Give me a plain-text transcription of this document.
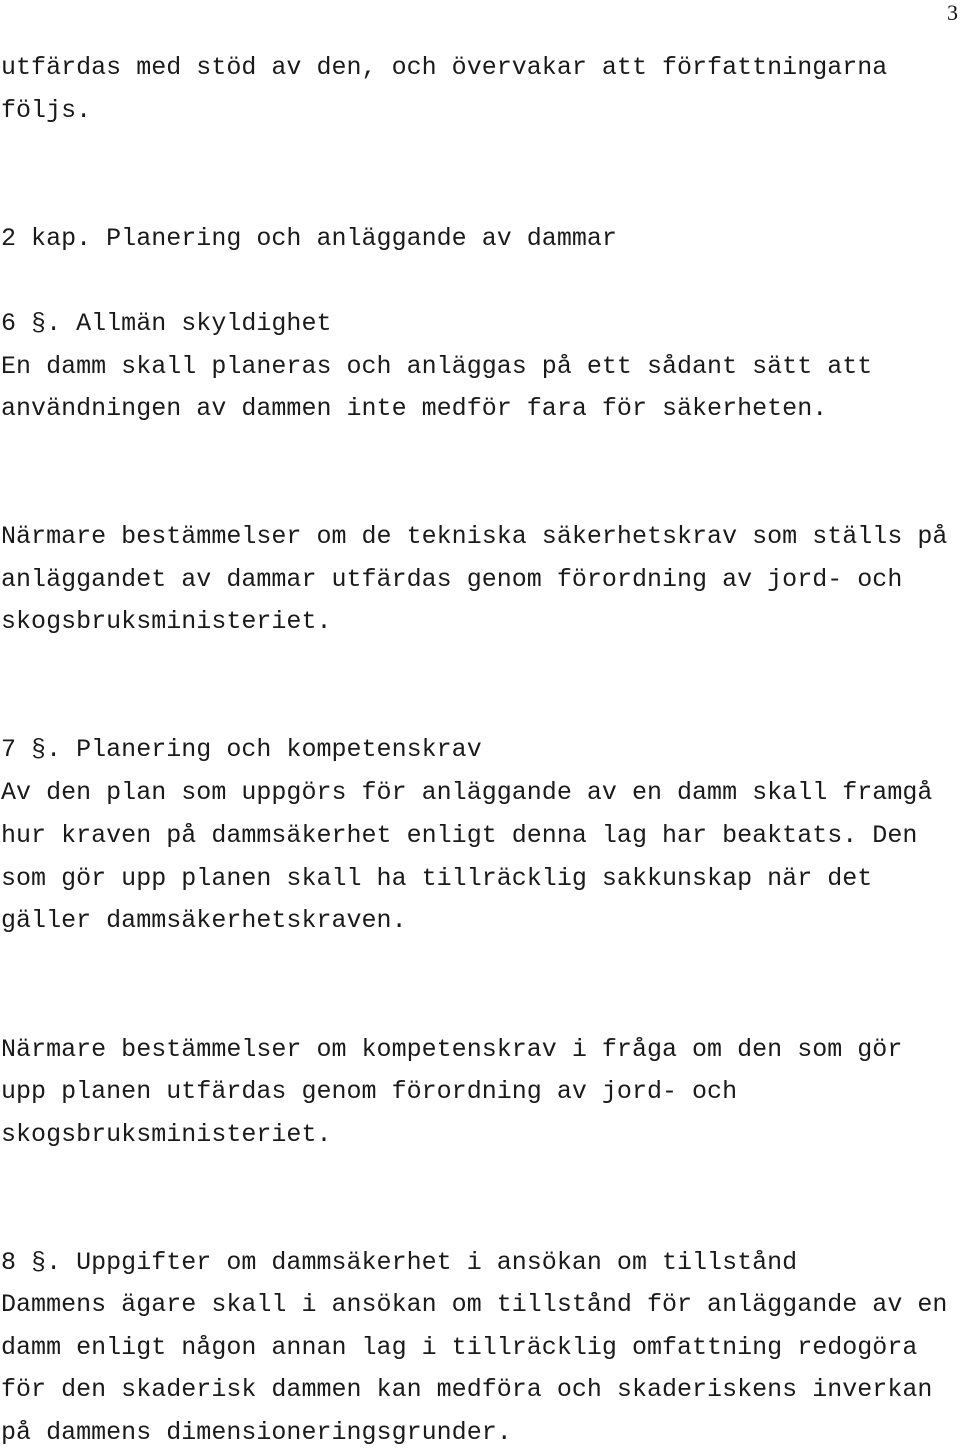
3
utfärdas med stöd av den, och övervakar att författningarna
följs.
2 kap. Planering och anläggande av dammar
6 §. Allmän skyldighet
En damm skall planeras och anläggas på ett sådant sätt att
användningen av dammen inte medför fara för säkerheten.
Närmare bestämmelser om de tekniska säkerhetskrav som ställs på
anläggandet av dammar utfärdas genom förordning av jord- och
skogsbruksministeriet.
7 §. Planering och kompetenskrav
Av den plan som uppgörs för anläggande av en damm skall framgå
hur kraven på dammsäkerhet enligt denna lag har beaktats. Den
som gör upp planen skall ha tillräcklig sakkunskap när det
gäller dammsäkerhetskraven.
Närmare bestämmelser om kompetenskrav i fråga om den som gör
upp planen utfärdas genom förordning av jord- och
skogsbruksministeriet.
8 §. Uppgifter om dammsäkerhet i ansökan om tillstånd
Dammens ägare skall i ansökan om tillstånd för anläggande av en
damm enligt någon annan lag i tillräcklig omfattning redogöra
för den skaderisk dammen kan medföra och skaderiskens inverkan
på dammens dimensioneringsgrunder.
